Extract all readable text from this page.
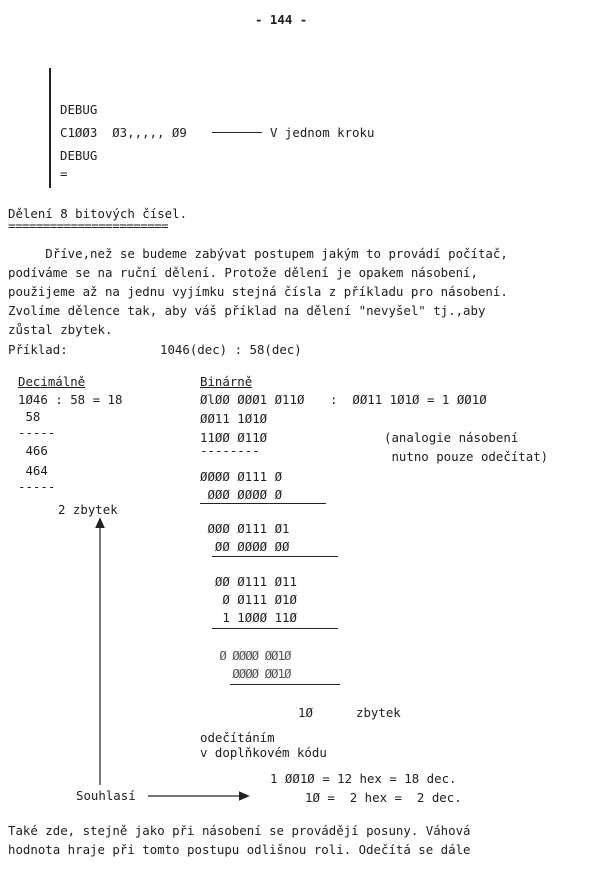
- 144 -
DEBUG
C1ØØ3  Ø3,,,,, Ø9	V jednom kroku
DEBUG
=
Dělení 8 bitových čísel.
=======================
Dříve,než se budeme zabývat postupem jakým to provádí počítač,
podíváme se na ruční dělení. Protože dělení je opakem násobení,
použijeme až na jednu vyjímku stejná čísla z příkladu pro násobení.
Zvolíme dělence tak, aby váš příklad na dělení "nevyšel" tj.,aby
zůstal zbytek.
Příklad:	1046(dec) : 58(dec)
Decimálně
1Ø46 : 58 = 18
58
-----
466
464
-----
2 zbytek
Binárně
ØlØØ ØØØ1 Ø11Ø :  ØØ11 1Ø1Ø = 1 ØØ1Ø
ØØ11 1Ø1Ø
11ØØ Ø11Ø
--------
(analogie násobení
nutno pouze odečítat)
ØØØØ Ø111 Ø
ØØØ ØØØØ Ø
ØØØ Ø111 Ø1
ØØ ØØØØ ØØ
ØØ Ø111 Ø11
Ø Ø111 Ø1Ø
1 1ØØØ 11Ø
Ø ØØØØ ØØ1Ø
ØØØØ ØØ1Ø
1Ø	zbytek
odečítáním
v doplňkovém kódu
Souhlasí
1 ØØ1Ø = 12 hex = 18 dec.
1Ø =  2 hex =  2 dec.
Také zde, stejně jako při násobení se provádějí posuny. Váhová
hodnota hraje při tomto postupu odlišnou roli. Odečítá se dále
